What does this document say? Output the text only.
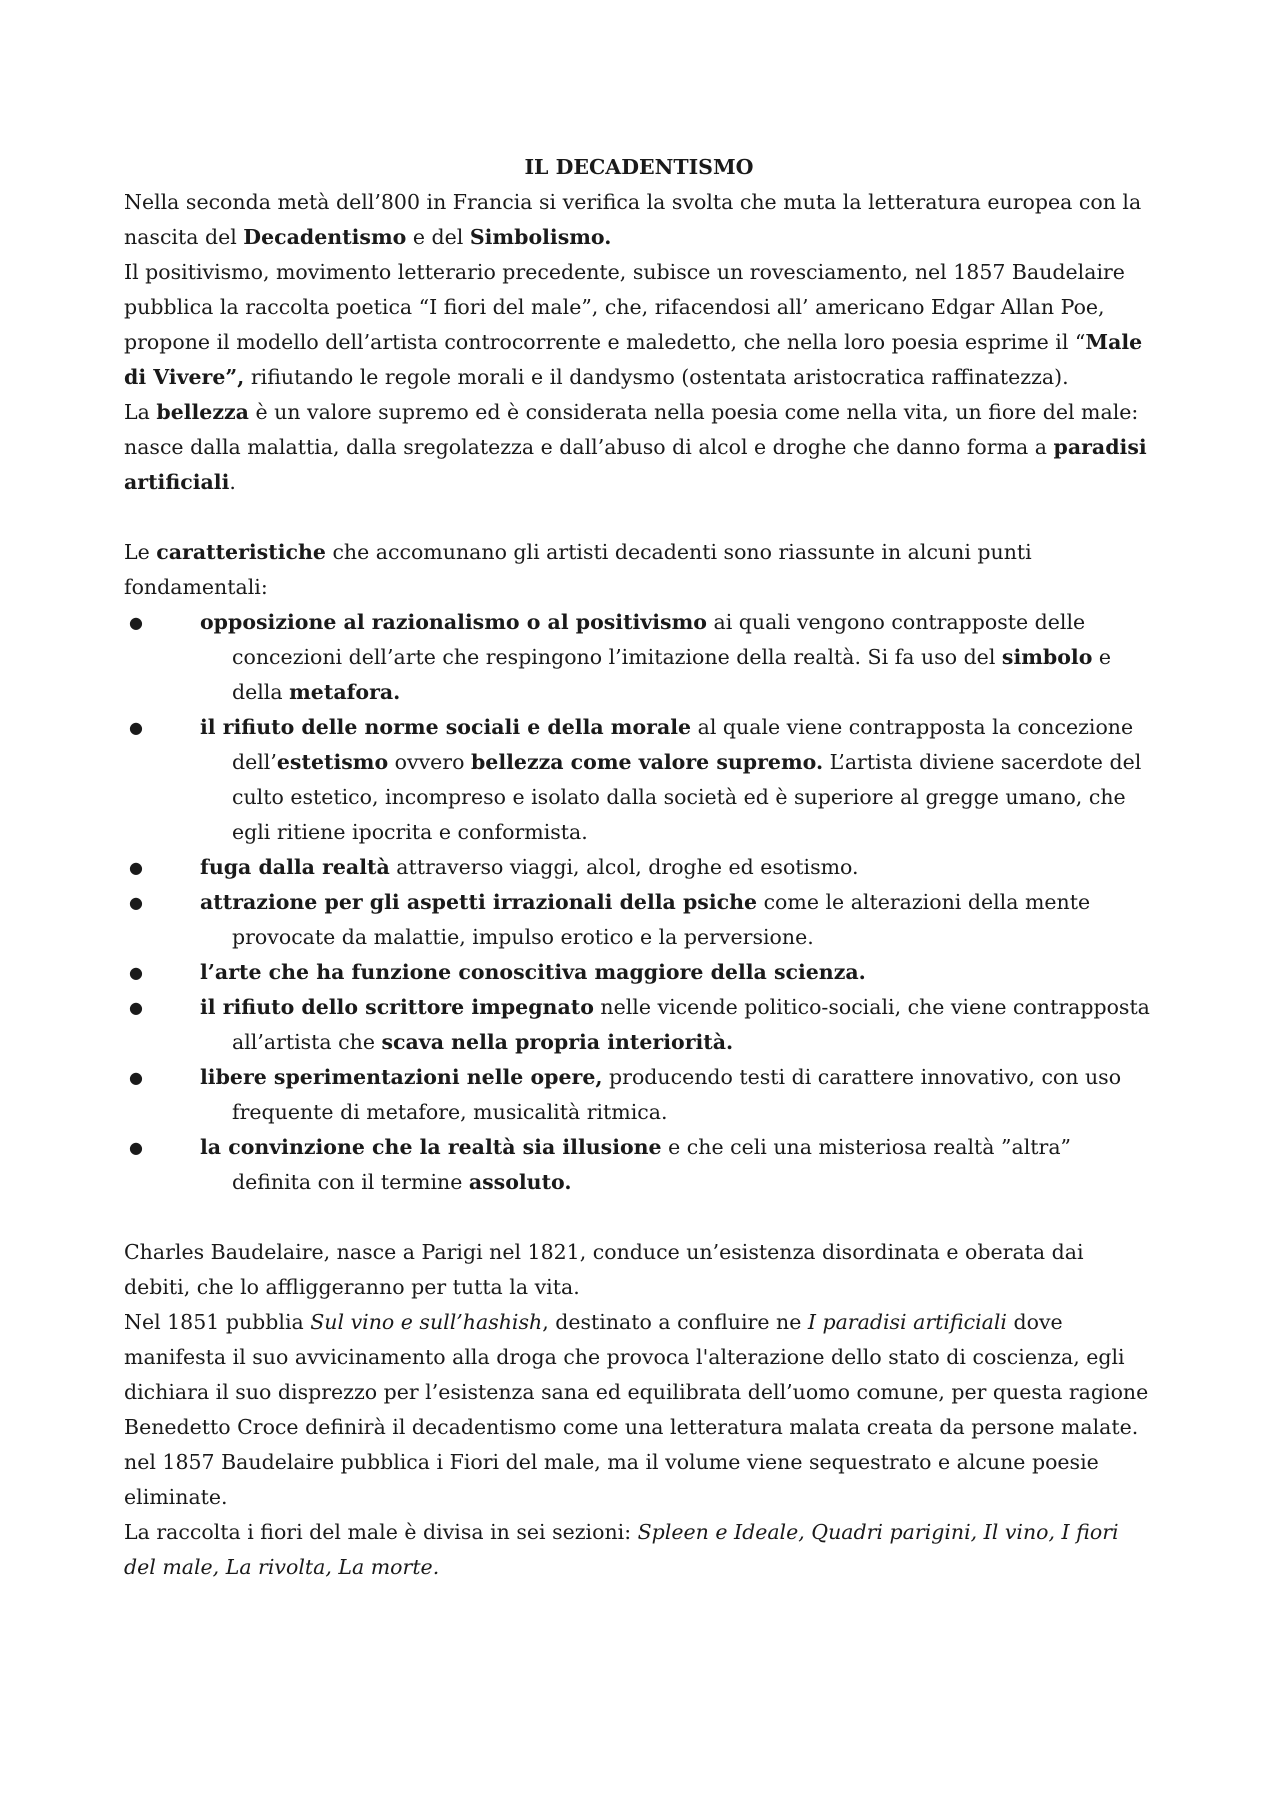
IL DECADENTISMO

Nella seconda metà dell’800 in Francia si verifica la svolta che muta la letteratura europea con la nascita del Decadentismo e del Simbolismo.

Il positivismo, movimento letterario precedente, subisce un rovesciamento, nel 1857 Baudelaire pubblica la raccolta poetica “I fiori del male”, che, rifacendosi all’ americano Edgar Allan Poe, propone il modello dell’artista controcorrente e maledetto, che nella loro poesia esprime il “Male di Vivere”, rifiutando le regole morali e il dandysmo (ostentata aristocratica raffinatezza).

La bellezza è un valore supremo ed è considerata nella poesia come nella vita, un fiore del male: nasce dalla malattia, dalla sregolatezza e dall’abuso di alcol e droghe che danno forma a paradisi artificiali.

Le caratteristiche che accomunano gli artisti decadenti sono riassunte in alcuni punti fondamentali:

●	opposizione al razionalismo o al positivismo ai quali vengono contrapposte delle concezioni dell’arte che respingono l’imitazione della realtà. Si fa uso del simbolo e della metafora.
●	il rifiuto delle norme sociali e della morale al quale viene contrapposta la concezione dell’estetismo ovvero bellezza come valore supremo. L’artista diviene sacerdote del culto estetico, incompreso e isolato dalla società ed è superiore al gregge umano, che egli ritiene ipocrita e conformista.
●	fuga dalla realtà attraverso viaggi, alcol, droghe ed esotismo.
●	attrazione per gli aspetti irrazionali della psiche come le alterazioni della mente provocate da malattie, impulso erotico e la perversione.
●	l’arte che ha funzione conoscitiva maggiore della scienza.
●	il rifiuto dello scrittore impegnato nelle vicende politico-sociali, che viene contrapposta all’artista che scava nella propria interiorità.
●	libere sperimentazioni nelle opere, producendo testi di carattere innovativo, con uso frequente di metafore, musicalità ritmica.
●	la convinzione che la realtà sia illusione e che celi una misteriosa realtà ”altra” definita con il termine assoluto.

Charles Baudelaire, nasce a Parigi nel 1821, conduce un’esistenza disordinata e oberata dai debiti, che lo affliggeranno per tutta la vita.

Nel 1851 pubblia Sul vino e sull’hashish, destinato a confluire ne I paradisi artificiali dove manifesta il suo avvicinamento alla droga che provoca l'alterazione dello stato di coscienza, egli dichiara il suo disprezzo per l’esistenza sana ed equilibrata dell’uomo comune, per questa ragione Benedetto Croce definirà il decadentismo come una letteratura malata creata da persone malate.

nel 1857 Baudelaire pubblica i Fiori del male, ma il volume viene sequestrato e alcune poesie eliminate.

La raccolta i fiori del male è divisa in sei sezioni: Spleen e Ideale, Quadri parigini, Il vino, I fiori del male, La rivolta, La morte.
